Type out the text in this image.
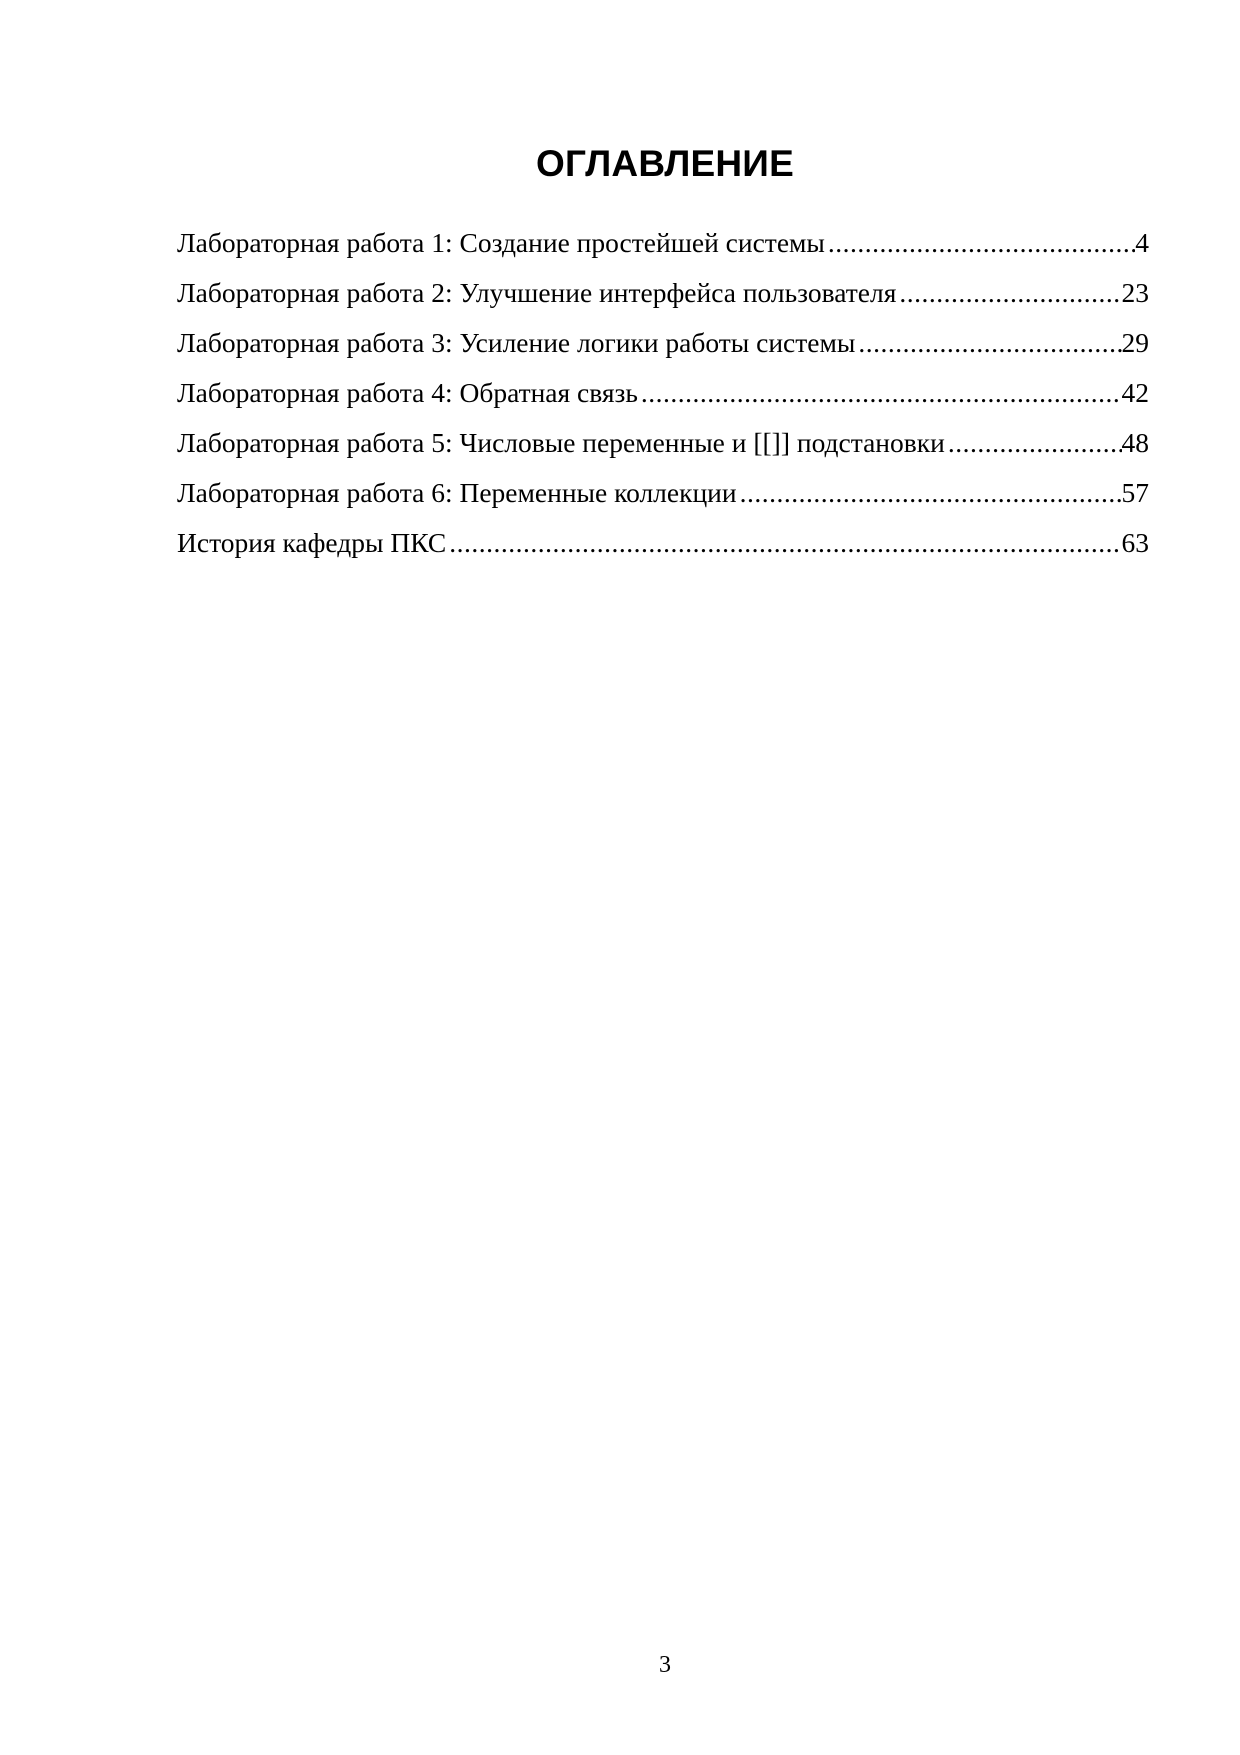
ОГЛАВЛЕНИЕ
Лабораторная работа 1: Создание простейшей системы .....	4
Лабораторная работа 2: Улучшение интерфейса пользователя .....	23
Лабораторная работа 3: Усиление логики работы системы .....	29
Лабораторная работа 4: Обратная связь .....	42
Лабораторная работа 5: Числовые переменные и [[]] подстановки .....	48
Лабораторная работа 6: Переменные коллекции .....	57
История кафедры ПКС .....	63
3
